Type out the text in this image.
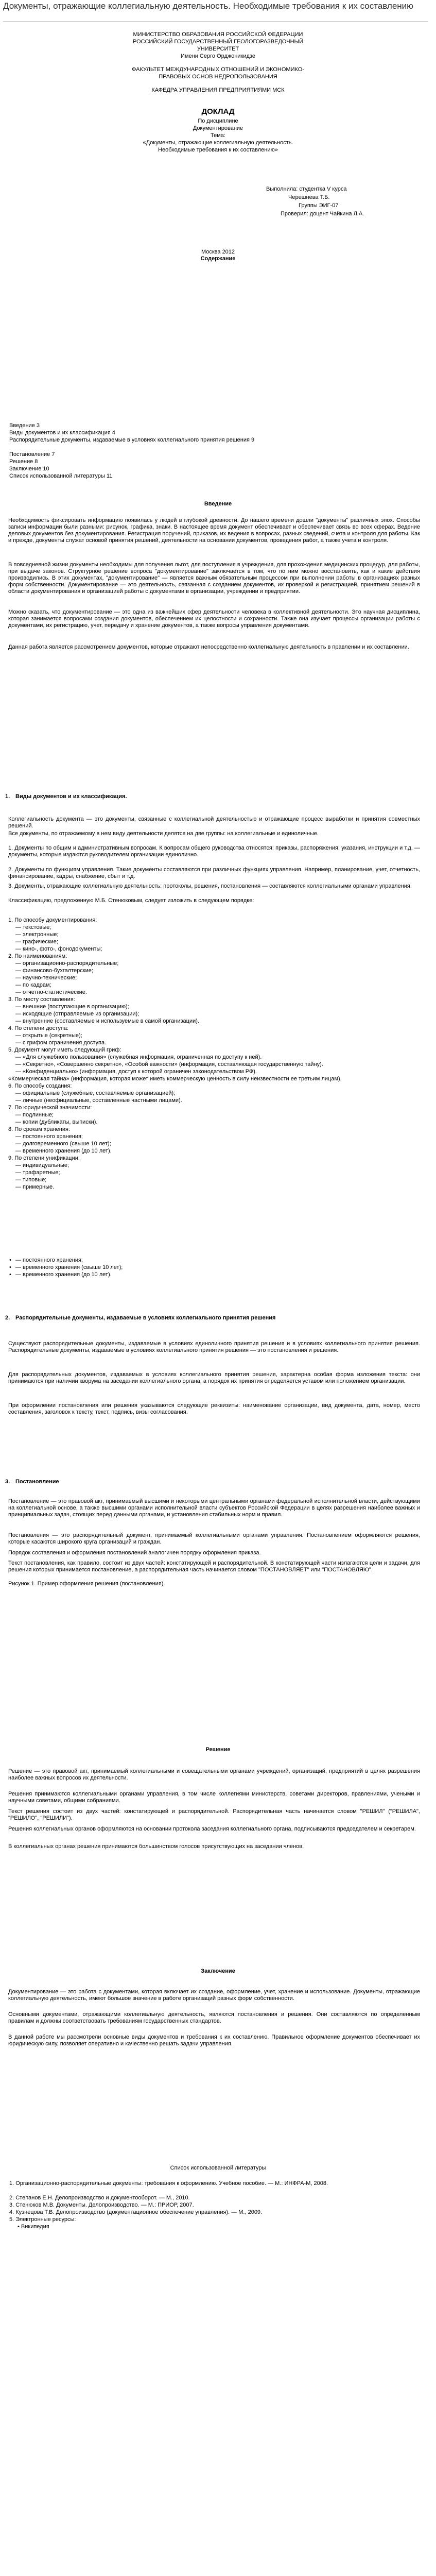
Документы, отражающие коллегиальную деятельность. Необходимые требования к их составлению
МИНИСТЕРСТВО ОБРАЗОВАНИЯ РОССИЙСКОЙ ФЕДЕРАЦИИ
РОССИЙСКИЙ ГОСУДАРСТВЕННЫЙ ГЕОЛОГОРАЗВЕДОЧНЫЙ
УНИВЕРСИТЕТ
Имени Серго Орджоникидзе
ФАКУЛЬТЕТ МЕЖДУНАРОДНЫХ ОТНОШЕНИЙ И ЭКОНОМИКО-
ПРАВОВЫХ ОСНОВ НЕДРОПОЛЬЗОВАНИЯ
КАФЕДРА УПРАВЛЕНИЯ ПРЕДПРИЯТИЯМИ МСК
ДОКЛАД
По дисциплине
Документирование
Тема:
«Документы, отражающие коллегиальную деятельность.
Необходимые требования к их составлению»
Выполнила: студентка V курса
Черешнева Т.Б.
Группы ЭИГ-07
Проверил: доцент Чайкина Л.А.
Москва 2012
Содержание
Введение 3
Виды документов и их классификация 4
Распорядительные документы, издаваемые в условиях коллегиального принятия решения 9
Постановление 7
Решение 8
Заключение 10
Список использованной литературы 11
Введение
Необходимость фиксировать информацию появилась у людей в глубокой древности. До нашего времени дошли "документы" различных эпох. Способы записи информации были разными: рисунок, графика, знаки. В настоящее время документ обеспечивает и обеспечивает связь во всех сферах. Ведение деловых документов без документирования. Регистрация поручений, приказов, их ведения в вопросах, разных сведений, счета и контроля для работы. Как и прежде, документы служат основой принятия решений, деятельности на основании документов, проведения работ, а также учета и контроля.
В повседневной жизни документы необходимы для получения льгот, для поступления в учреждения, для прохождения медицинских процедур, для работы, при выдаче законов. Структурное решение вопроса "документирование" заключается в том, что по ним можно восстановить, как и какие действия производились. В этих документах, "документирование" — является важным обязательным процессом при выполнении работы в организациях разных форм собственности. Документирование — это деятельность, связанная с созданием документов, их проверкой и регистрацией, принятием решений в области документирования и организацией работы с документами в организации, учреждении и предприятии.
Можно сказать, что документирование — это одна из важнейших сфер деятельности человека в коллективной деятельности. Это научная дисциплина, которая занимается вопросами создания документов, обеспечением их целостности и сохранности. Также она изучает процессы организации работы с документами, их регистрацию, учет, передачу и хранение документов, а также вопросы управления документами.
Данная работа является рассмотрением документов, которые отражают непосредственно коллегиальную деятельность в правлении и их составлении.
1. Виды документов и их классификация.
Коллегиальность документа — это документы, связанные с коллегиальной деятельностью и отражающие процесс выработки и принятия совместных решений.
Все документы, по отражаемому в нем виду деятельности делятся на две группы: на коллегиальные и единоличные.
1. Документы по общим и административным вопросам. К вопросам общего руководства относятся: приказы, распоряжения, указания, инструкции и т.д. — документы, которые издаются руководителем организации единолично.
2. Документы по функциям управления. Такие документы составляются при различных функциях управления. Например, планирование, учет, отчетность, финансирование, кадры, снабжение, сбыт и т.д.
3. Документы, отражающие коллегиальную деятельность: протоколы, решения, постановления — составляются коллегиальными органами управления.
Классификацию, предложенную М.Б. Стенюковым, следует изложить в следующем порядке:
1. По способу документирования:
— текстовые;
— электронные;
— графические;
— кино-, фото-, фонодокументы;
2. По наименованиям:
— организационно-распорядительные;
— финансово-бухгалтерские;
— научно-технические;
— по кадрам;
— отчетно-статистические.
3. По месту составления:
— внешние (поступающие в организацию);
— исходящие (отправляемые из организации);
— внутренние (составляемые и используемые в самой организации).
4. По степени доступа:
— открытые (секретные);
— с грифом ограничения доступа.
5. Документ могут иметь следующий гриф:
— «Для служебного пользования» (служебная информация, ограниченная по доступу к ней).
— «Секретно», «Совершенно секретно», «Особой важности» (информация, составляющая государственную тайну).
— «Конфиденциально» (информация, доступ к которой ограничен законодательством РФ).
«Коммерческая тайна» (информация, которая может иметь коммерческую ценность в силу неизвестности ее третьим лицам).
6. По способу создания:
— официальные (служебные, составляемые организацией);
— личные (неофициальные, составленные частными лицами).
7. По юридической значимости:
— подлинные;
— копии (дубликаты, выписки).
8. По срокам хранения:
— постоянного хранения;
— долговременного (свыше 10 лет);
— временного хранения (до 10 лет).
9. По степени унификации:
— индивидуальные;
— трафаретные;
— типовые;
— примерные.
• — постоянного хранения;
• — временного хранения (свыше 10 лет);
• — временного хранения (до 10 лет).
2. Распорядительные документы, издаваемые в условиях коллегиального принятия решения
Существуют распорядительные документы, издаваемые в условиях единоличного принятия решения и в условиях коллегиального принятия решения. Распорядительные документы, издаваемые в условиях коллегиального принятия решения — это постановления и решения.
Для распорядительных документов, издаваемых в условиях коллегиального принятия решения, характерна особая форма изложения текста: они принимаются при наличии кворума на заседании коллегиального органа, а порядок их принятия определяется уставом или положением организации.
При оформлении постановления или решения указываются следующие реквизиты: наименование организации, вид документа, дата, номер, место составления, заголовок к тексту, текст, подпись, визы согласования.
3. Постановление
Постановление — это правовой акт, принимаемый высшими и некоторыми центральными органами федеральной исполнительной власти, действующими на коллегиальной основе, а также высшими органами исполнительной власти субъектов Российской Федерации в целях разрешения наиболее важных и принципиальных задач, стоящих перед данными органами, и установления стабильных норм и правил.
Постановления — это распорядительный документ, принимаемый коллегиальными органами управления. Постановлением оформляются решения, которые касаются широкого круга организаций и граждан.
Порядок составления и оформления постановлений аналогичен порядку оформления приказа.
Текст постановления, как правило, состоит из двух частей: констатирующей и распорядительной. В констатирующей части излагаются цели и задачи, для решения которых принимается постановление, а распорядительная часть начинается словом "ПОСТАНОВЛЯЕТ" или "ПОСТАНОВЛЯЮ".
Рисунок 1. Пример оформления решения (постановления).
Решение
Решение — это правовой акт, принимаемый коллегиальными и совещательными органами учреждений, организаций, предприятий в целях разрешения наиболее важных вопросов их деятельности.
Решения принимаются коллегиальными органами управления, в том числе коллегиями министерств, советами директоров, правлениями, учеными и научными советами, общими собраниями.
Текст решения состоит из двух частей: констатирующей и распорядительной. Распорядительная часть начинается словом "РЕШИЛ" ("РЕШИЛА", "РЕШИЛО", "РЕШИЛИ").
Решения коллегиальных органов оформляются на основании протокола заседания коллегиального органа, подписываются председателем и секретарем.
В коллегиальных органах решения принимаются большинством голосов присутствующих на заседании членов.
Заключение
Документирование — это работа с документами, которая включает их создание, оформление, учет, хранение и использование. Документы, отражающие коллегиальную деятельность, имеют большое значение в работе организаций разных форм собственности.
Основными документами, отражающими коллегиальную деятельность, являются постановления и решения. Они составляются по определенным правилам и должны соответствовать требованиям государственных стандартов.
В данной работе мы рассмотрели основные виды документов и требования к их составлению. Правильное оформление документов обеспечивает их юридическую силу, позволяет оперативно и качественно решать задачи управления.
Список использованной литературы
1. Организационно-распорядительные документы: требования к оформлению. Учебное пособие. — М.: ИНФРА-М, 2008.
2. Степанов Е.Н. Делопроизводство и документооборот. — М., 2010.
3. Стенюков М.В. Документы. Делопроизводство. — М.: ПРИОР, 2007.
4. Кузнецова Т.В. Делопроизводство (документационное обеспечение управления). — М., 2009.
5. Электронные ресурсы:
• Википедия
